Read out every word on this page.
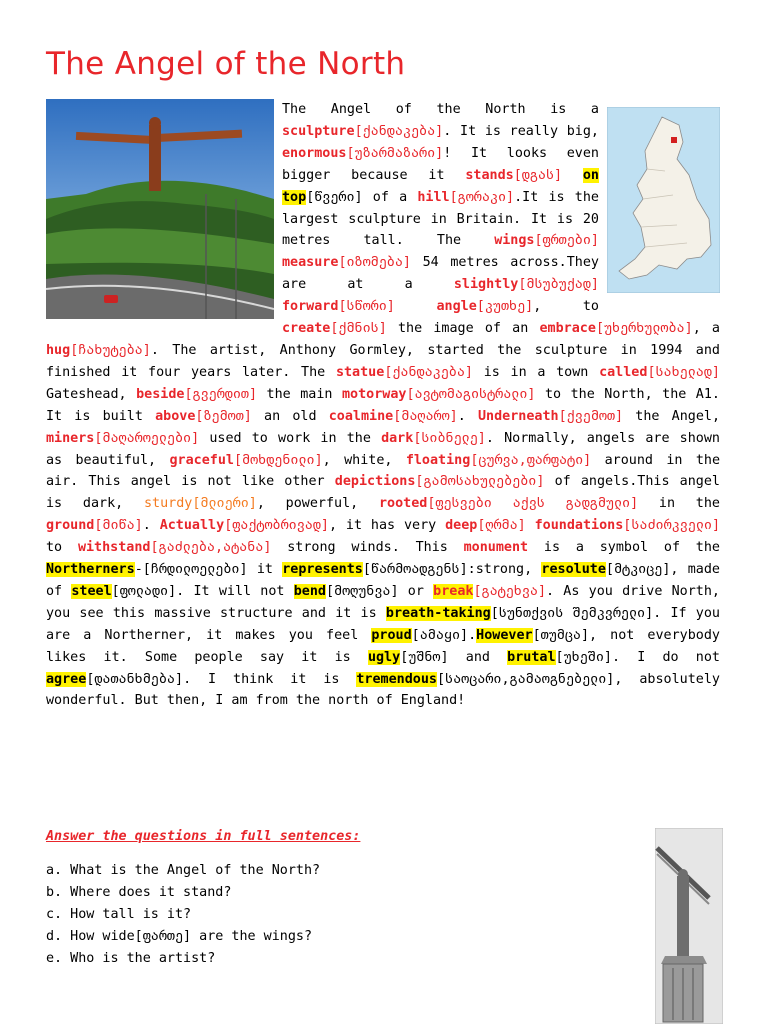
The Angel of the North
The Angel of the North is a sculpture[ქანდაკება]. It is really big, enormous[უზარმაზარი]! It looks even bigger because it stands[დგას] on top[წვერი] of a hill[გორაკი].It is the largest sculpture in Britain. It is 20 metres tall. The wings[ფრთები] measure[იზომება] 54 metres across.They are at a slightly[მსუბუქად] forward[სწორი]	angle[კუთხე], to create[ქმნის] the image of an embrace[უხერხულობა], a hug[ჩახუტება]. The artist, Anthony Gormley, started the sculpture in 1994 and finished it four years later. The statue[ქანდაკება] is in a town called[სახელად] Gateshead, beside[გვერდით] the main motorway[ავტომაგისტრალი] to the North, the A1. It is built above[ზემოთ] an old coalmine[მაღარო]. Underneath[ქვემოთ] the Angel, miners[მაღაროელები] used to work in the dark[სიბნელე]. Normally, angels are shown as beautiful, graceful[მოხდენილი], white, floating[ცურვა,ფარფატი] around in the air. This angel is not like other depictions[გამოსახულებები] of angels.This angel is dark, sturdy[მლიერი], powerful, rooted[ფესვები აქვს გადგმული] in the ground[მიწა]. Actually[ფაქტობრივად], it has very deep[ღრმა] foundations[საძირკველი] to withstand[გაძლება,ატანა] strong winds. This monument is a symbol of the Northerners-[ჩრდილოელები] it represents[წარმოადგენს]:strong, resolute[მტკიცე], made of steel[ფოლადი]. It will not bend[მოღუნვა] or break[გატეხვა]. As you drive North, you see this massive structure and it is breath-taking[სუნთქვის შემკვრელი]. If you are a Northerner, it makes you feel proud[ამაყი].However[თუმცა], not everybody likes it. Some people say it is ugly[უშნო] and brutal[უხეში]. I do not agree[დათანხმება]. I think it is tremendous[საოცარი,გამაოგნებელი], absolutely wonderful. But then, I am from the north of England!

Answer the questions in full sentences:

a. What is the Angel of the North?
b. Where does it stand?
c. How tall is it?
d. How wide[ფართე] are the wings?
e. Who is the artist?
